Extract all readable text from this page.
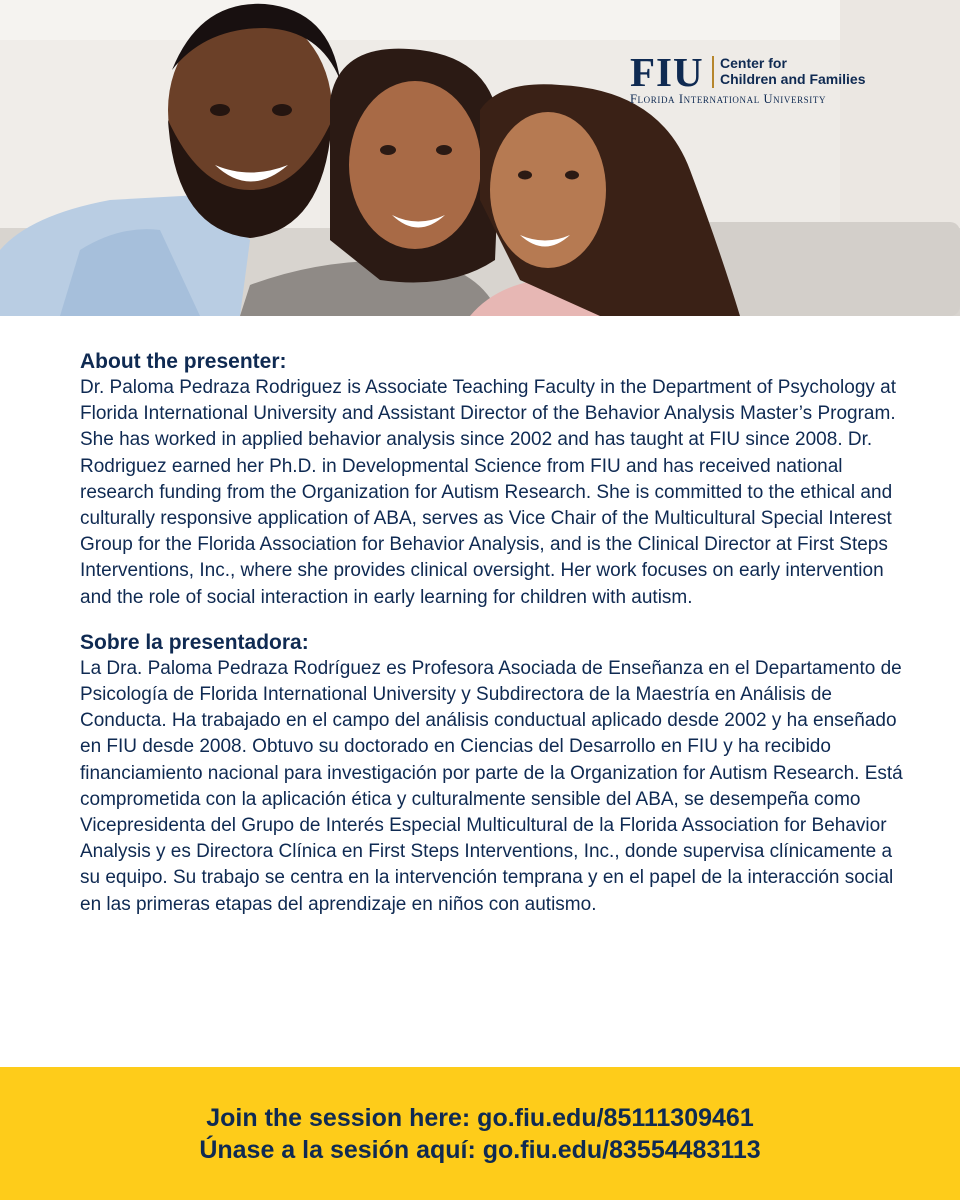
FIU Center for
Children and Families
Florida International University
About the presenter:

Dr. Paloma Pedraza Rodriguez is Associate Teaching Faculty in the Department of Psychology at Florida International University and Assistant Director of the Behavior Analysis Master’s Program. She has worked in applied behavior analysis since 2002 and has taught at FIU since 2008. Dr. Rodriguez earned her Ph.D. in Developmental Science from FIU and has received national research funding from the Organization for Autism Research. She is committed to the ethical and culturally responsive application of ABA, serves as Vice Chair of the Multicultural Special Interest Group for the Florida Association for Behavior Analysis, and is the Clinical Director at First Steps Interventions, Inc., where she provides clinical oversight. Her work focuses on early intervention and the role of social interaction in early learning for children with autism.

Sobre la presentadora:

La Dra. Paloma Pedraza Rodríguez es Profesora Asociada de Enseñanza en el Departamento de Psicología de Florida International University y Subdirectora de la Maestría en Análisis de Conducta. Ha trabajado en el campo del análisis conductual aplicado desde 2002 y ha enseñado en FIU desde 2008. Obtuvo su doctorado en Ciencias del Desarrollo en FIU y ha recibido financiamiento nacional para investigación por parte de la Organization for Autism Research. Está comprometida con la aplicación ética y culturalmente sensible del ABA, se desempeña como Vicepresidenta del Grupo de Interés Especial Multicultural de la Florida Association for Behavior Analysis y es Directora Clínica en First Steps Interventions, Inc., donde supervisa clínicamente a su equipo. Su trabajo se centra en la intervención temprana y en el papel de la interacción social en las primeras etapas del aprendizaje en niños con autismo.

Join the session here: go.fiu.edu/85111309461
Únase a la sesión aquí: go.fiu.edu/83554483113
